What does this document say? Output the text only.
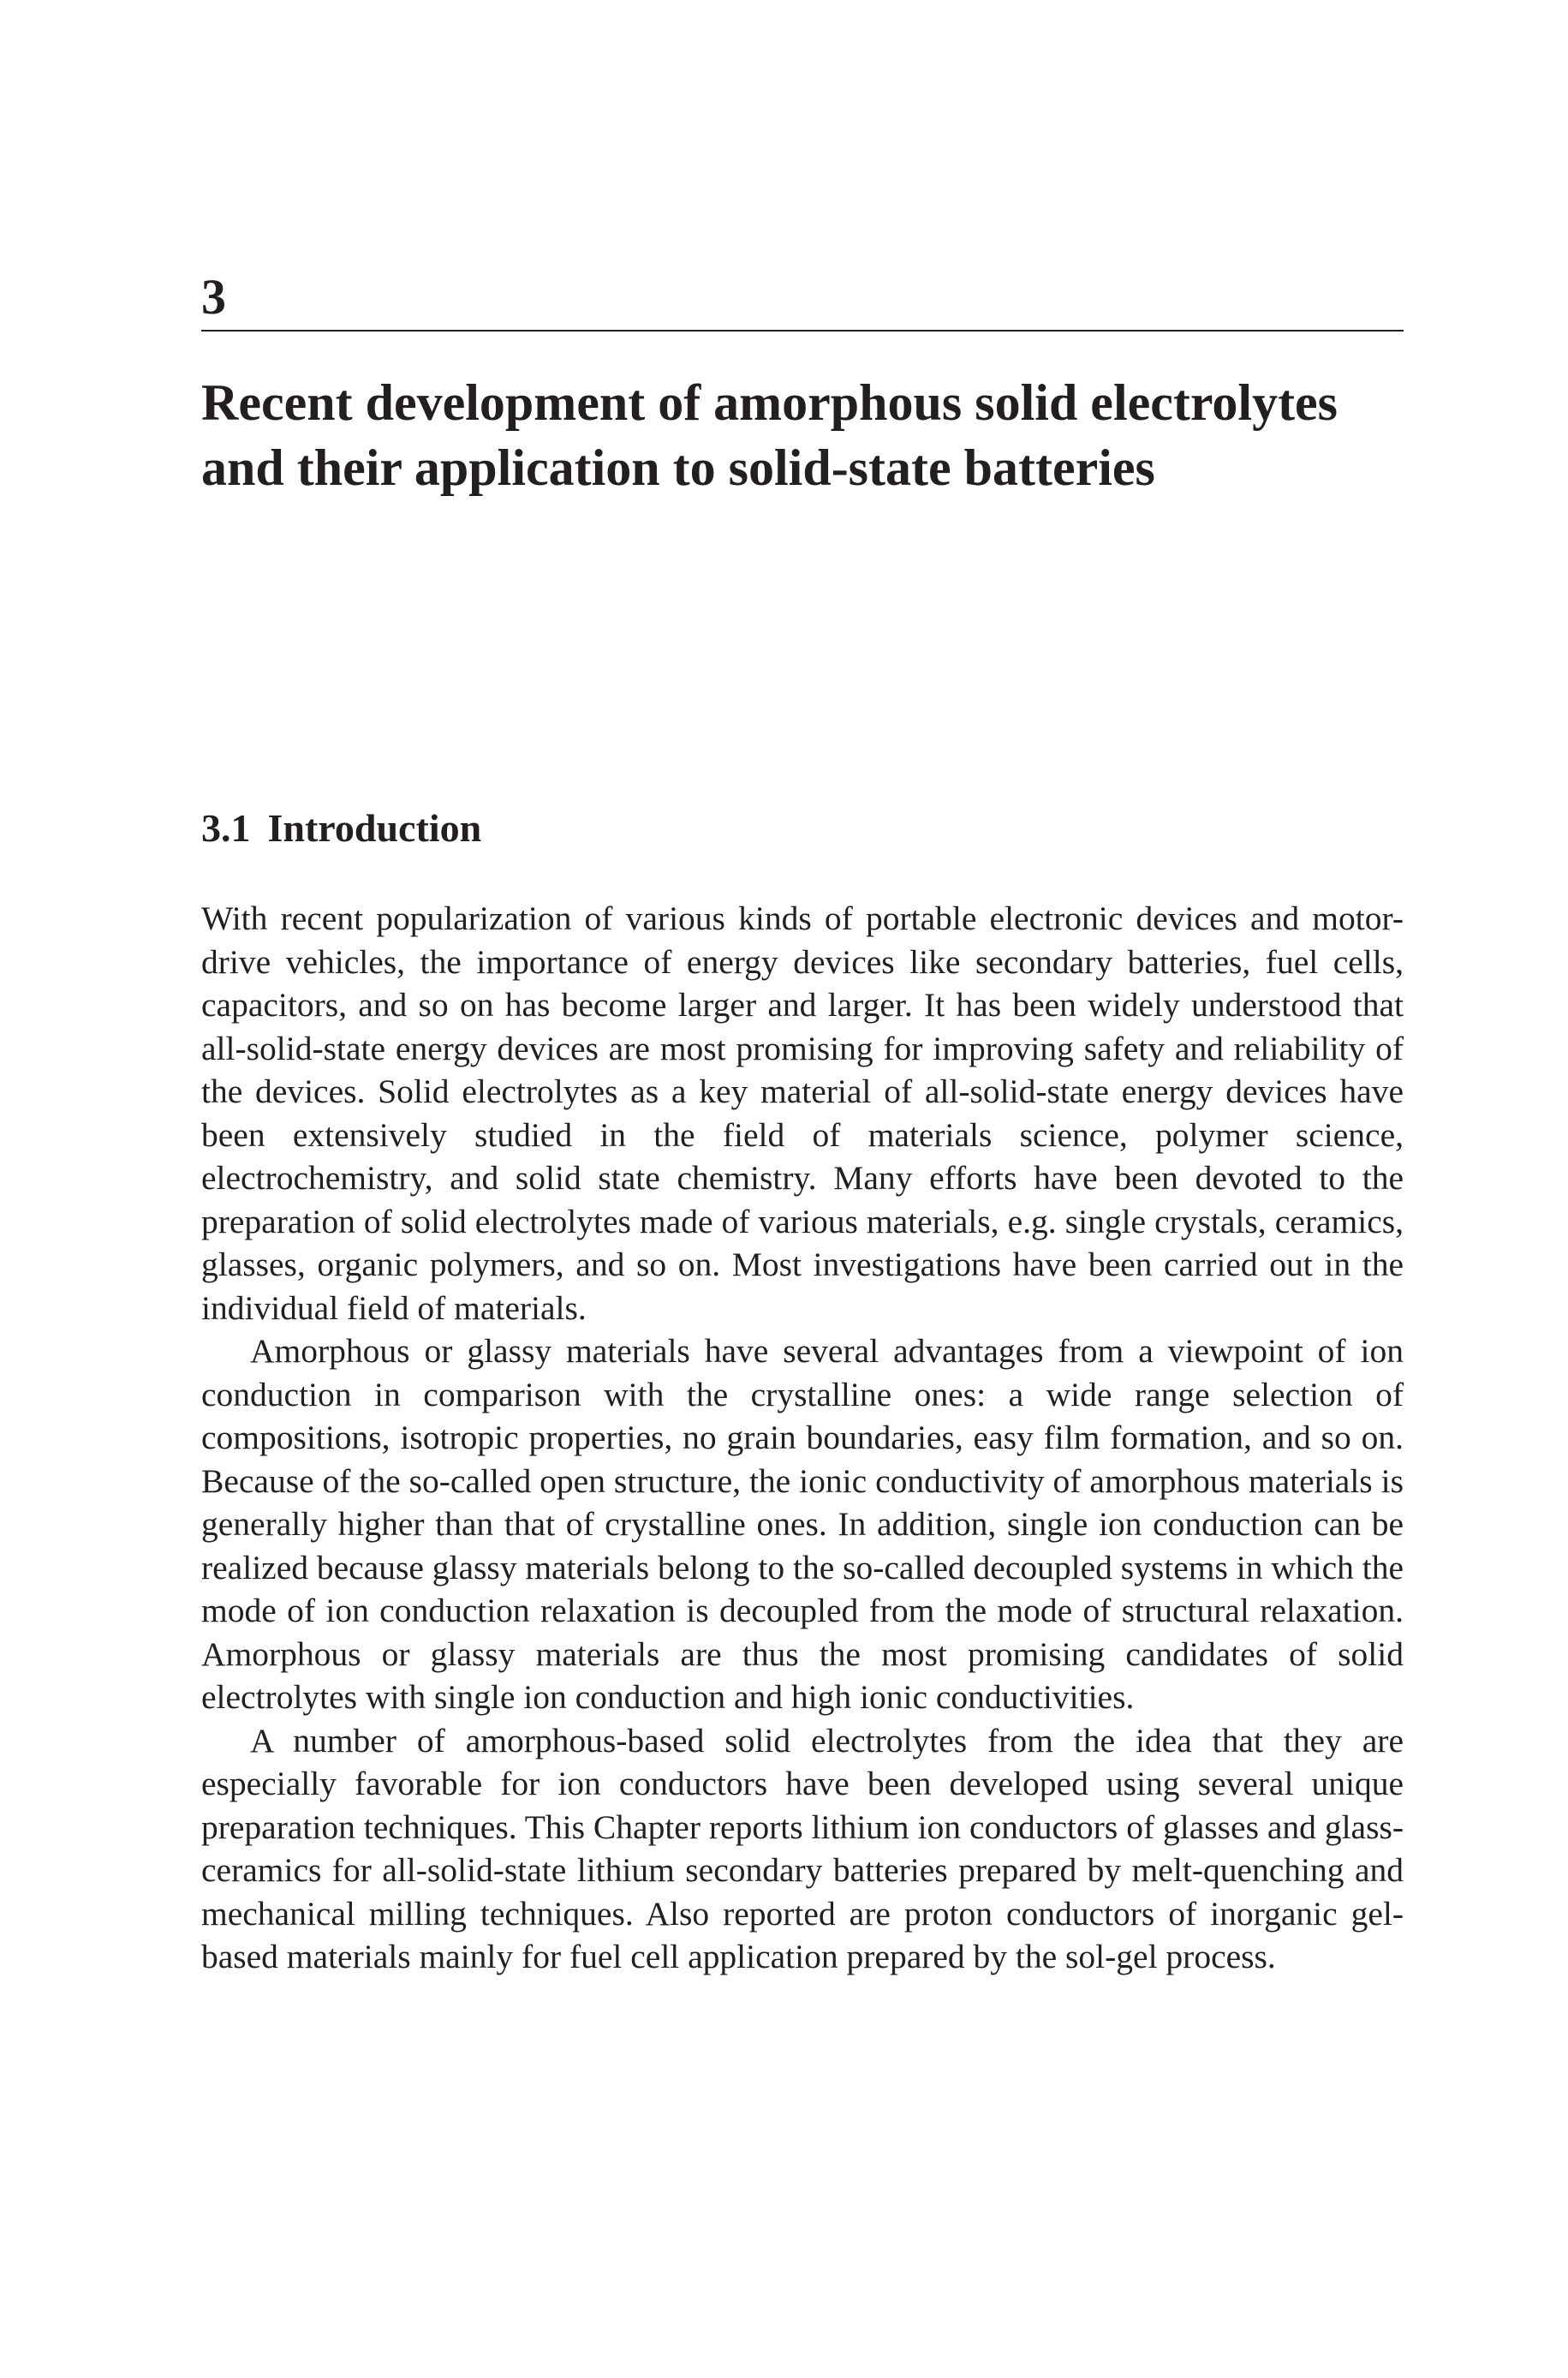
3
Recent development of amorphous solid electrolytes and their application to solid-state batteries
3.1 Introduction

With recent popularization of various kinds of portable electronic devices and motor-drive vehicles, the importance of energy devices like secondary batteries, fuel cells, capacitors, and so on has become larger and larger. It has been widely understood that all-solid-state energy devices are most promising for improving safety and reliability of the devices. Solid electrolytes as a key material of all-solid-state energy devices have been extensively studied in the field of materials science, polymer science, electrochemistry, and solid state chemistry. Many efforts have been devoted to the preparation of solid electrolytes made of various materials, e.g. single crystals, ceramics, glasses, organic polymers, and so on. Most investigations have been carried out in the individual field of materials.

Amorphous or glassy materials have several advantages from a viewpoint of ion conduction in comparison with the crystalline ones: a wide range selection of compositions, isotropic properties, no grain boundaries, easy film formation, and so on. Because of the so-called open structure, the ionic conductivity of amorphous materials is generally higher than that of crystalline ones. In addition, single ion conduction can be realized because glassy materials belong to the so-called decoupled systems in which the mode of ion conduction relaxation is decoupled from the mode of structural relaxation. Amorphous or glassy materials are thus the most promising candidates of solid electrolytes with single ion conduction and high ionic conductivities.

A number of amorphous-based solid electrolytes from the idea that they are especially favorable for ion conductors have been developed using several unique preparation techniques. This Chapter reports lithium ion conductors of glasses and glass-ceramics for all-solid-state lithium secondary batteries prepared by melt-quenching and mechanical milling techniques. Also reported are proton conductors of inorganic gel-based materials mainly for fuel cell application prepared by the sol-gel process.
